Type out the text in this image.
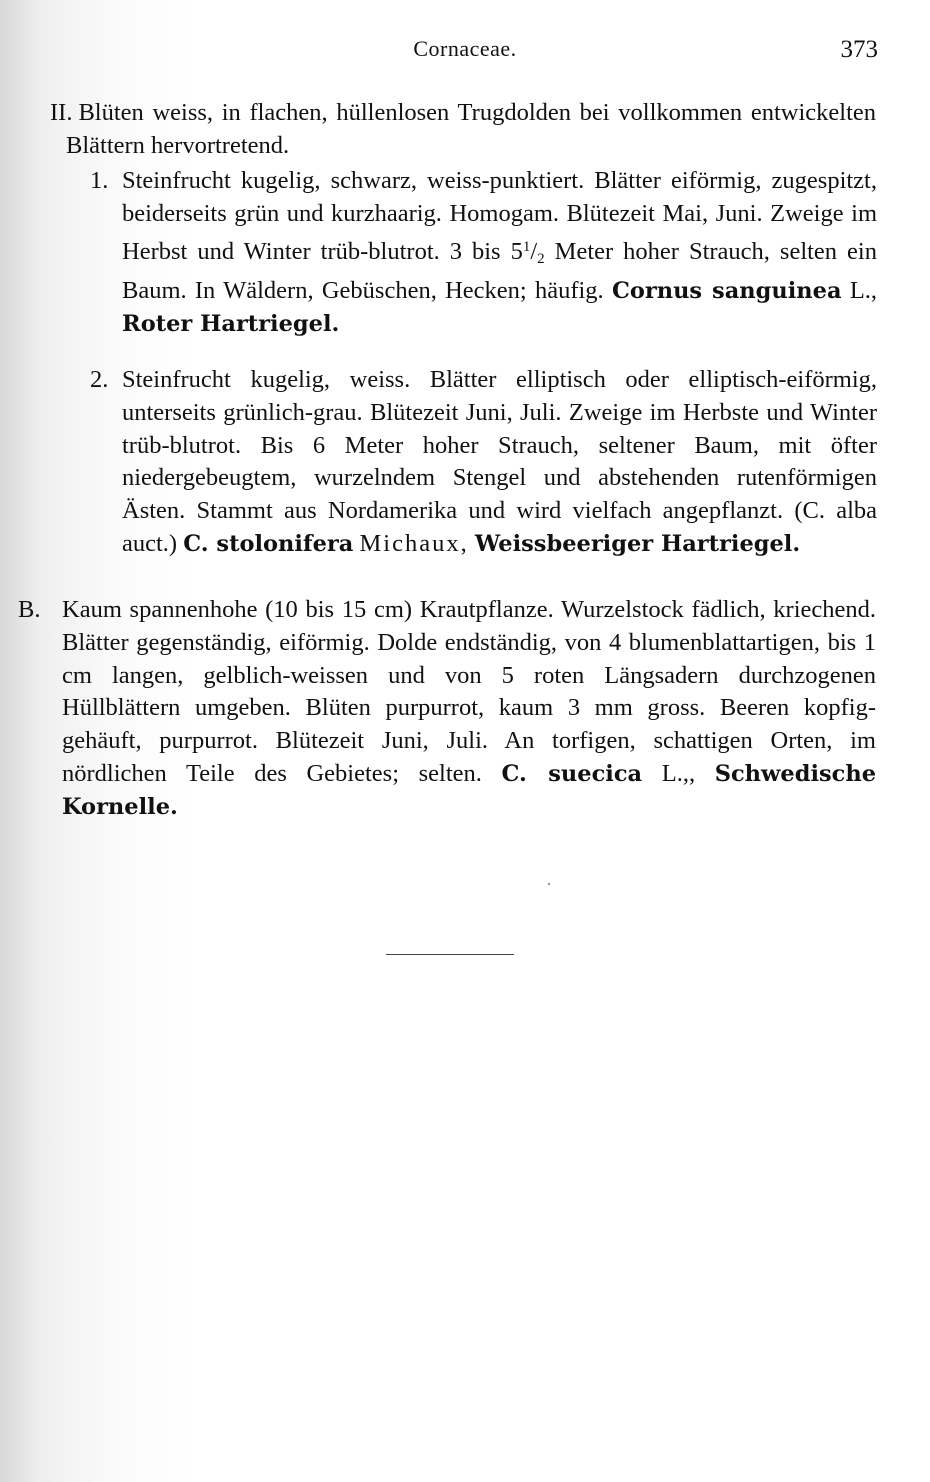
Cornaceae.	373

II. Blüten weiss, in flachen, hüllenlosen Trugdolden bei vollkommen entwickelten Blättern hervortretend.

1. Steinfrucht kugelig, schwarz, weiss-punktiert. Blätter eiförmig, zugespitzt, beiderseits grün und kurzhaarig. Homogam. Blütezeit Mai, Juni. Zweige im Herbst und Winter trüb-blutrot. 3 bis $5^1/2$ Meter hoher Strauch, selten ein Baum. In Wäldern, Gebüschen, Hecken; häufig. Cornus sanguinea L., Roter Hartriegel.

2. Steinfrucht kugelig, weiss. Blätter elliptisch oder elliptisch-eiförmig, unterseits grünlich-grau. Blütezeit Juni, Juli. Zweige im Herbste und Winter trüb-blutrot. Bis 6 Meter hoher Strauch, seltener Baum, mit öfter niedergebeugtem, wurzelndem Stengel und abstehenden rutenförmigen Ästen. Stammt aus Nordamerika und wird vielfach angepflanzt. (C. alba auct.) C. stolonifera Michaux, Weissbeeriger Hartriegel.

B. Kaum spannenhohe (10 bis 15 cm) Krautpflanze. Wurzelstock fädlich, kriechend. Blätter gegenständig, eiförmig. Dolde endständig, von 4 blumenblattartigen, bis 1 cm langen, gelblich-weissen und von 5 roten Längsadern durchzogenen Hüllblättern umgeben. Blüten purpurrot, kaum 3 mm gross. Beeren kopfig-gehäuft, purpurrot. Blütezeit Juni, Juli. An torfigen, schattigen Orten, im nördlichen Teile des Gebietes; selten. C. suecica L.,, Schwedische Kornelle.
